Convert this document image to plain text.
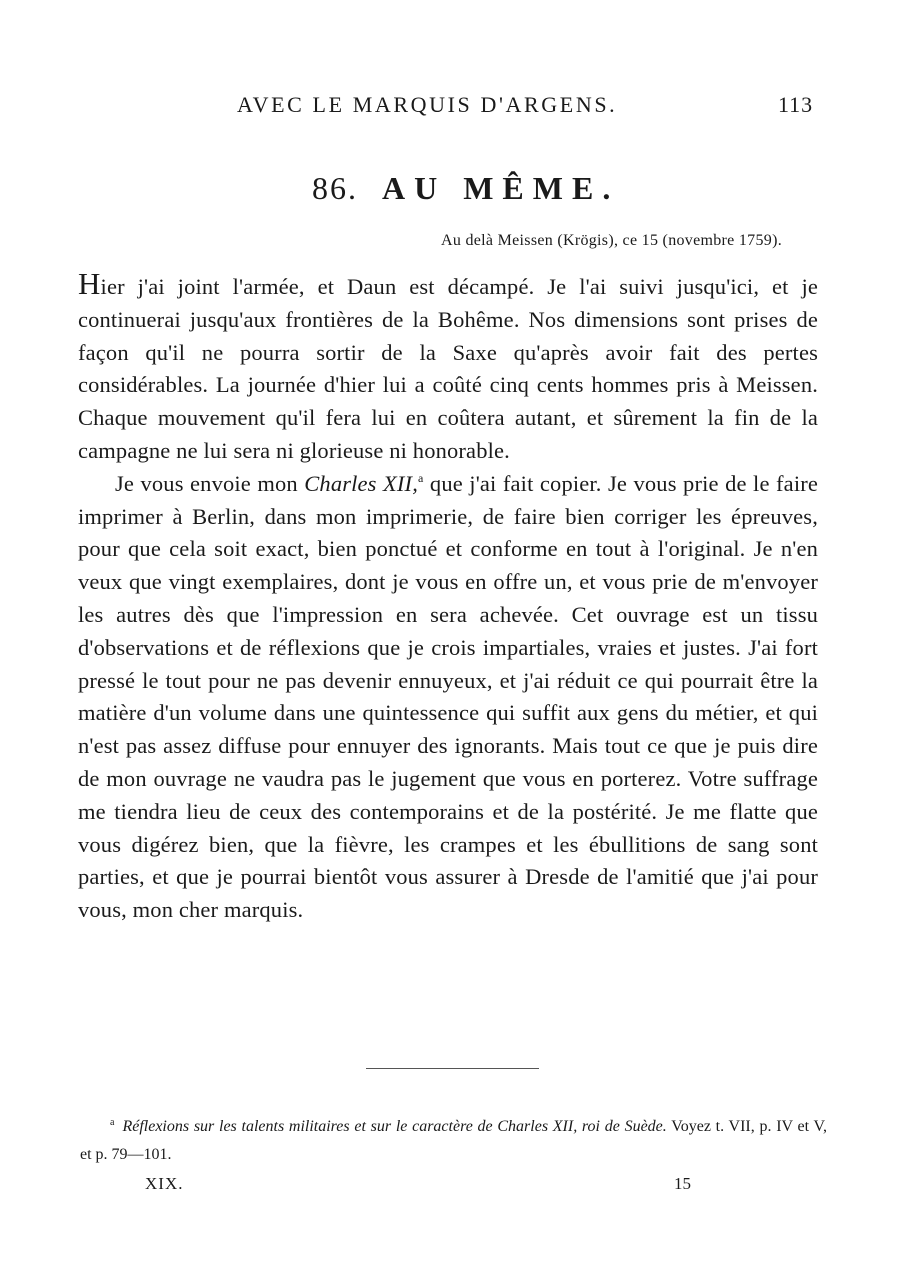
AVEC LE MARQUIS D'ARGENS.	113
86. AU MÊME.
Au delà Meissen (Krögis), ce 15 (novembre 1759).

Hier j'ai joint l'armée, et Daun est décampé. Je l'ai suivi jusqu'ici, et je continuerai jusqu'aux frontières de la Bohême. Nos dimensions sont prises de façon qu'il ne pourra sortir de la Saxe qu'après avoir fait des pertes considérables. La journée d'hier lui a coûté cinq cents hommes pris à Meissen. Chaque mouvement qu'il fera lui en coûtera autant, et sûrement la fin de la campagne ne lui sera ni glorieuse ni honorable.

Je vous envoie mon Charles XII,$^a$ que j'ai fait copier. Je vous prie de le faire imprimer à Berlin, dans mon imprimerie, de faire bien corriger les épreuves, pour que cela soit exact, bien ponctué et conforme en tout à l'original. Je n'en veux que vingt exemplaires, dont je vous en offre un, et vous prie de m'envoyer les autres dès que l'impression en sera achevée. Cet ouvrage est un tissu d'observations et de réflexions que je crois impartiales, vraies et justes. J'ai fort pressé le tout pour ne pas devenir ennuyeux, et j'ai réduit ce qui pourrait être la matière d'un volume dans une quintessence qui suffit aux gens du métier, et qui n'est pas assez diffuse pour ennuyer des ignorants. Mais tout ce que je puis dire de mon ouvrage ne vaudra pas le jugement que vous en porterez. Votre suffrage me tiendra lieu de ceux des contemporains et de la postérité. Je me flatte que vous digérez bien, que la fièvre, les crampes et les ébullitions de sang sont parties, et que je pourrai bientôt vous assurer à Dresde de l'amitié que j'ai pour vous, mon cher marquis.

$^a$ Réflexions sur les talents militaires et sur le caractère de Charles XII, roi de Suède. Voyez t. VII, p. IV et V, et p. 79—101.
XIX.	15
